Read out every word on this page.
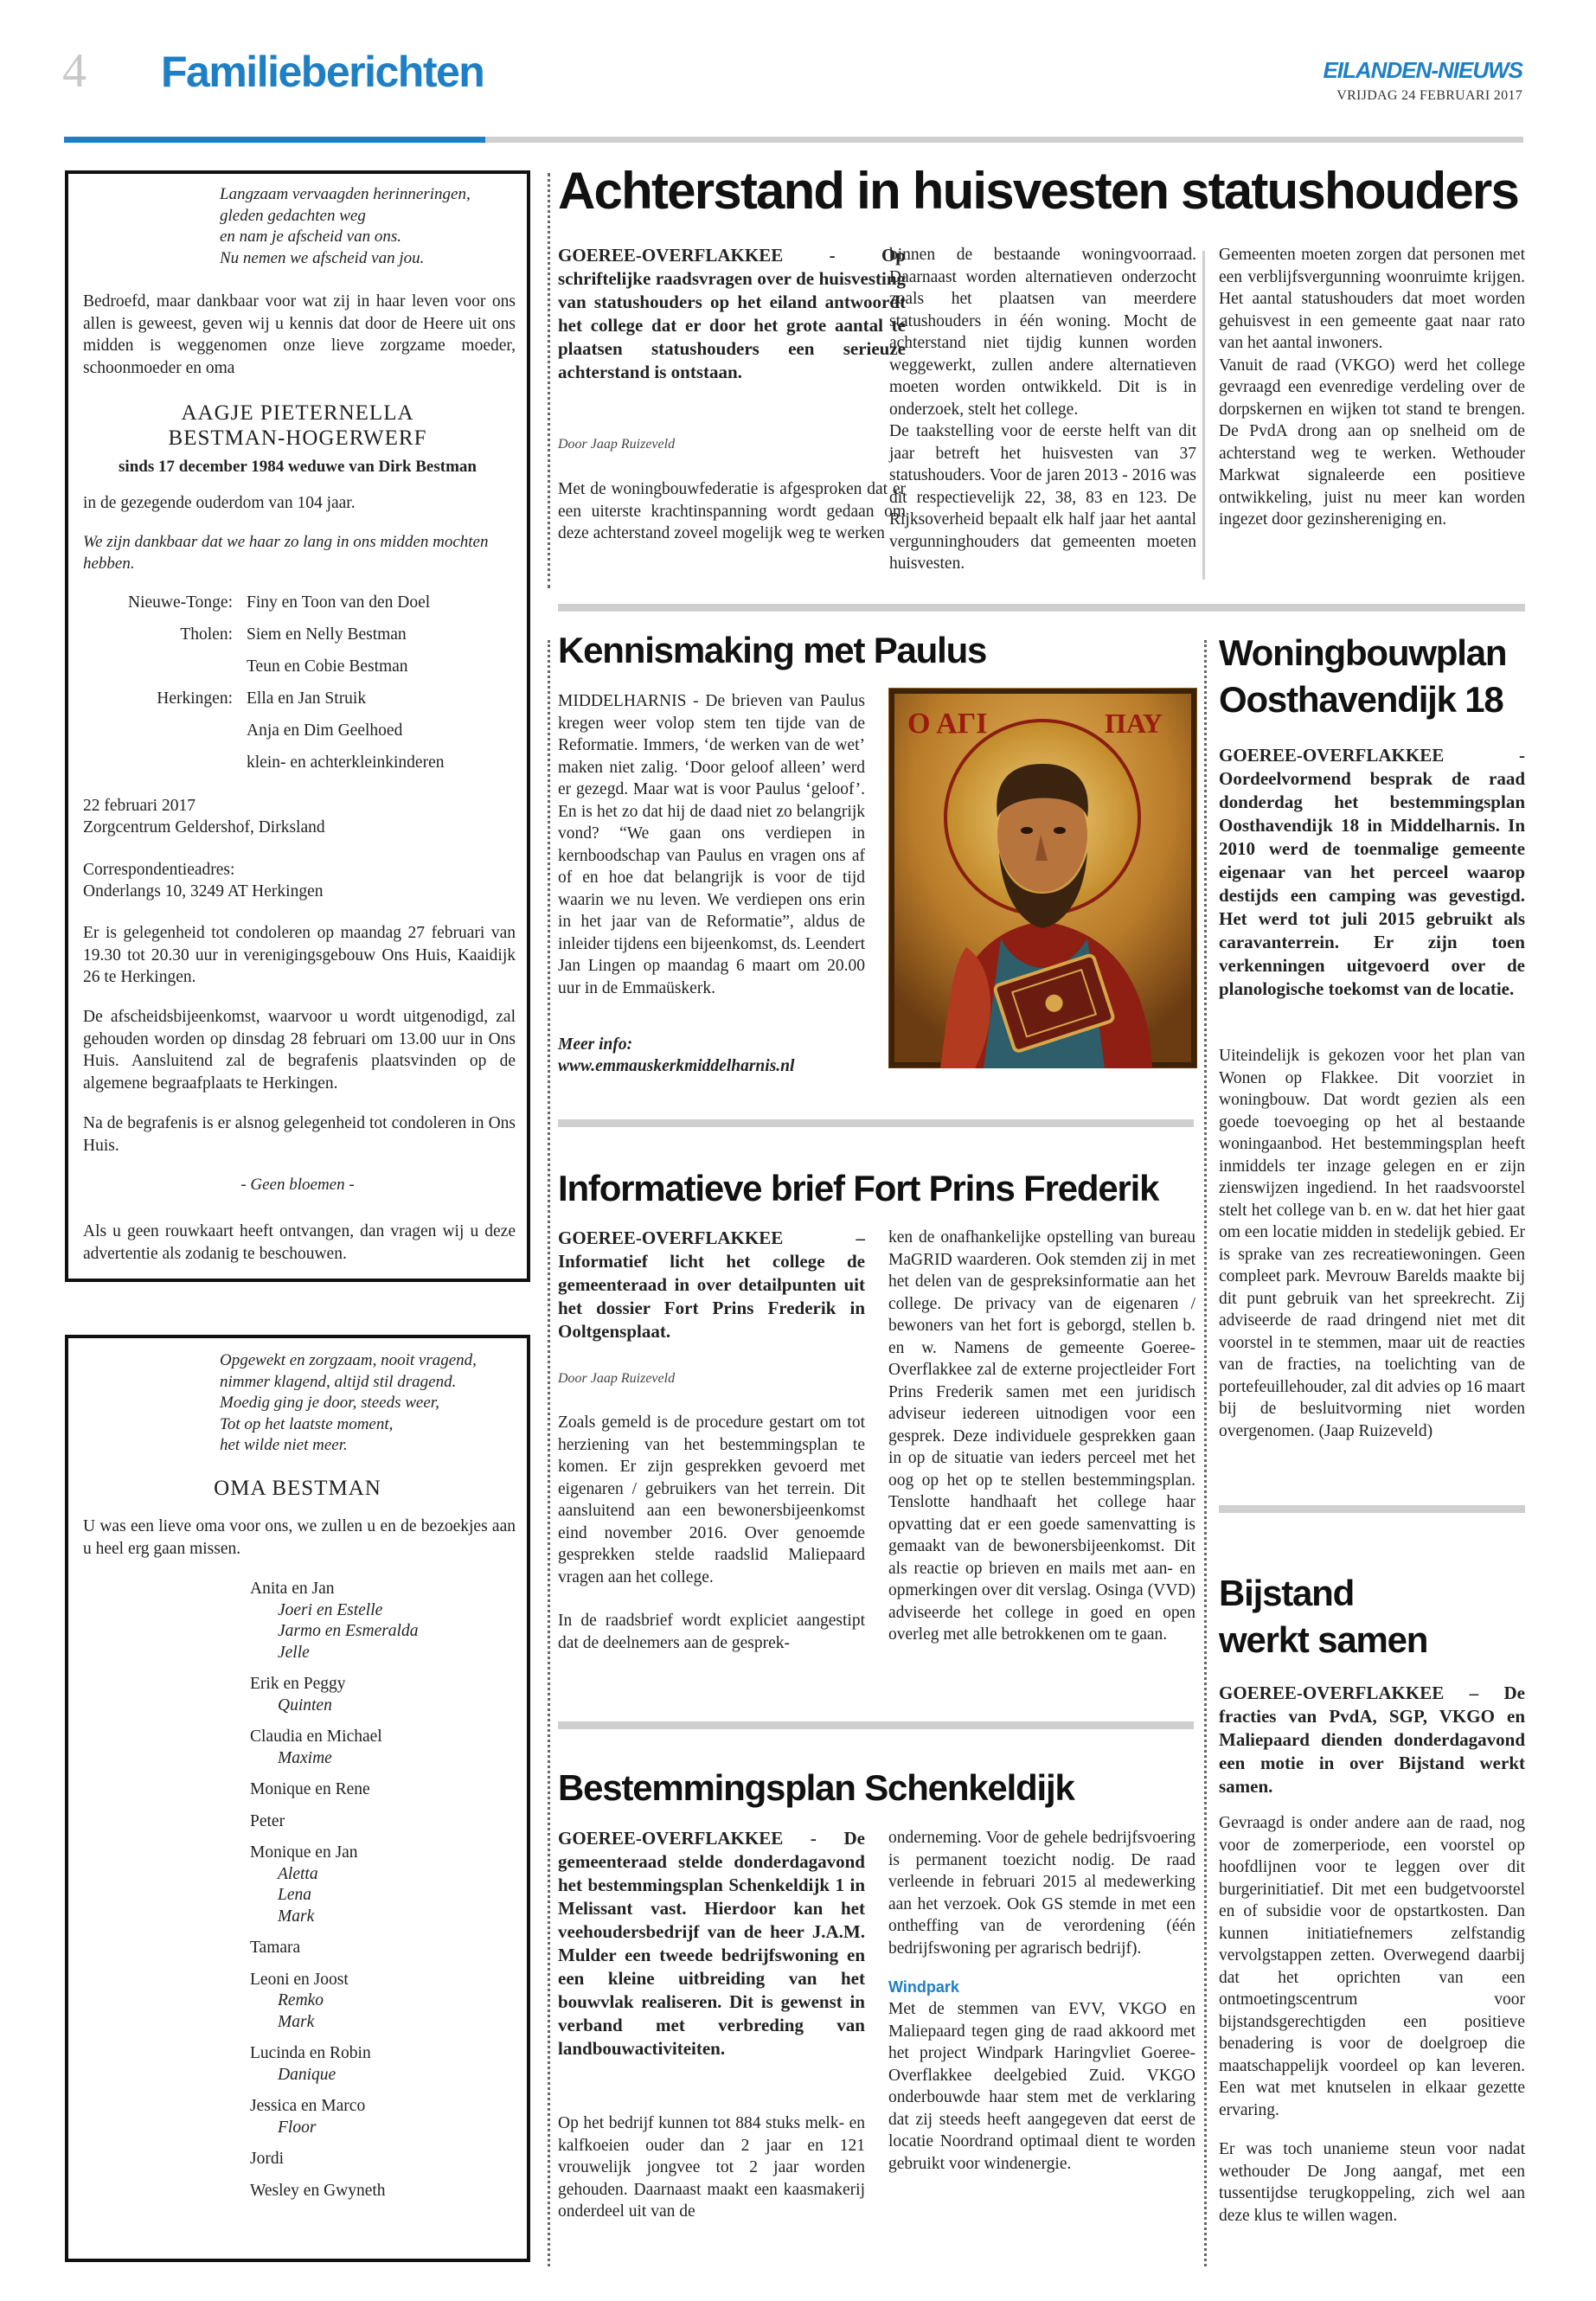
4 Familieberichten	EILANDEN-NIEUWS
VRIJDAG 24 FEBRUARI 2017
Langzaam vervaagden herinneringen,
gleden gedachten weg
en nam je afscheid van ons.
Nu nemen we afscheid van jou.

Bedroefd, maar dankbaar voor wat zij in haar leven voor ons allen is geweest, geven wij u kennis dat door de Heere uit ons midden is weggenomen onze lieve zorgzame moeder, schoonmoeder en oma

AAGJE PIETERNELLA
BESTMAN-HOGERWERF
sinds 17 december 1984 weduwe van Dirk Bestman

in de gezegende ouderdom van 104 jaar.

We zijn dankbaar dat we haar zo lang in ons midden mochten hebben.

Nieuwe-Tonge: Finy en Toon van den Doel
Tholen: Siem en Nelly Bestman
Teun en Cobie Bestman
Herkingen: Ella en Jan Struik
Anja en Dim Geelhoed
klein- en achterkleinkinderen
22 februari 2017
Zorgcentrum Geldershof, Dirksland
Correspondentieadres:
Onderlangs 10, 3249 AT Herkingen

Er is gelegenheid tot condoleren op maandag 27 februari van 19.30 tot 20.30 uur in verenigingsgebouw Ons Huis, Kaaidijk 26 te Herkingen.

De afscheidsbijeenkomst, waarvoor u wordt uitgenodigd, zal gehouden worden op dinsdag 28 februari om 13.00 uur in Ons Huis. Aansluitend zal de begrafenis plaatsvinden op de algemene begraafplaats te Herkingen.

Na de begrafenis is er alsnog gelegenheid tot condoleren in Ons Huis.

- Geen bloemen -

Als u geen rouwkaart heeft ontvangen, dan vragen wij u deze advertentie als zodanig te beschouwen.

Opgewekt en zorgzaam, nooit vragend,
nimmer klagend, altijd stil dragend.
Moedig ging je door, steeds weer,
Tot op het laatste moment,
het wilde niet meer.
OMA BESTMAN

U was een lieve oma voor ons, we zullen u en de bezoekjes aan u heel erg gaan missen.

Anita en Jan
Joeri en Estelle
Jarmo en Esmeralda
Jelle
Erik en Peggy
Quinten
Claudia en Michael
Maxime
Monique en Rene
Peter
Monique en Jan
Aletta
Lena
Mark
Tamara
Leoni en Joost
Remko
Mark
Lucinda en Robin
Danique
Jessica en Marco
Floor
Jordi
Wesley en Gwyneth
Achterstand in huisvesten statushouders

GOEREE-OVERFLAKKEE - Op schriftelijke raadsvragen over de huisvesting van statushouders op het eiland antwoordt het college dat er door het grote aantal te plaatsen statushouders een serieuze achterstand is ontstaan.

Door Jaap Ruizeveld

Met de woningbouwfederatie is afgesproken dat er een uiterste krachtinspanning wordt gedaan om deze achterstand zoveel mogelijk weg te werken

binnen de bestaande woningvoorraad. Daarnaast worden alternatieven onderzocht zoals het plaatsen van meerdere statushouders in één woning. Mocht de achterstand niet tijdig kunnen worden weggewerkt, zullen andere alternatieven moeten worden ontwikkeld. Dit is in onderzoek, stelt het college.

De taakstelling voor de eerste helft van dit jaar betreft het huisvesten van 37 statushouders. Voor de jaren 2013 - 2016 was dit respectievelijk 22, 38, 83 en 123. De Rijksoverheid bepaalt elk half jaar het aantal vergunninghouders dat gemeenten moeten huisvesten.

Gemeenten moeten zorgen dat personen met een verblijfsvergunning woonruimte krijgen. Het aantal statushouders dat moet worden gehuisvest in een gemeente gaat naar rato van het aantal inwoners.

Vanuit de raad (VKGO) werd het college gevraagd een evenredige verdeling over de dorpskernen en wijken tot stand te brengen. De PvdA drong aan op snelheid om de achterstand weg te werken. Wethouder Markwat signaleerde een positieve ontwikkeling, juist nu meer kan worden ingezet door gezinshereniging en.

Kennismaking met Paulus

MIDDELHARNIS - De brieven van Paulus kregen weer volop stem ten tijde van de Reformatie. Immers, ‘de werken van de wet’ maken niet zalig. ‘Door geloof alleen’ werd er gezegd. Maar wat is voor Paulus ‘geloof’. En is het zo dat hij de daad niet zo belangrijk vond? “We gaan ons verdiepen in kernboodschap van Paulus en vragen ons af of en hoe dat belangrijk is voor de tijd waarin we nu leven. We verdiepen ons erin in het jaar van de Reformatie”, aldus de inleider tijdens een bijeenkomst, ds. Leendert Jan Lingen op maandag 6 maart om 20.00 uur in de Emmaüskerk.

Meer info:
www.emmauskerkmiddelharnis.nl
Ο ΑΓΙ	ΠΑΥ
Woningbouwplan
Oosthavendijk 18

GOEREE-OVERFLAKKEE - Oordeelvormend besprak de raad donderdag het bestemmingsplan Oosthavendijk 18 in Middelharnis. In 2010 werd de toenmalige gemeente eigenaar van het perceel waarop destijds een camping was gevestigd. Het werd tot juli 2015 gebruikt als caravanterrein. Er zijn toen verkenningen uitgevoerd over de planologische toekomst van de locatie.

Uiteindelijk is gekozen voor het plan van Wonen op Flakkee. Dit voorziet in woningbouw. Dat wordt gezien als een goede toevoeging op het al bestaande woningaanbod. Het bestemmingsplan heeft inmiddels ter inzage gelegen en er zijn zienswijzen ingediend. In het raadsvoorstel stelt het college van b. en w. dat het hier gaat om een locatie midden in stedelijk gebied. Er is sprake van zes recreatiewoningen. Geen compleet park. Mevrouw Barelds maakte bij dit punt gebruik van het spreekrecht. Zij adviseerde de raad dringend niet met dit voorstel in te stemmen, maar uit de reacties van de fracties, na toelichting van de portefeuillehouder, zal dit advies op 16 maart bij de besluitvorming niet worden overgenomen. (Jaap Ruizeveld)

Informatieve brief Fort Prins Frederik

GOEREE-OVERFLAKKEE – Informatief licht het college de gemeenteraad in over detailpunten uit het dossier Fort Prins Frederik in Ooltgensplaat.

Door Jaap Ruizeveld

Zoals gemeld is de procedure gestart om tot herziening van het bestemmingsplan te komen. Er zijn gesprekken gevoerd met eigenaren / gebruikers van het terrein. Dit aansluitend aan een bewonersbijeenkomst eind november 2016. Over genoemde gesprekken stelde raadslid Maliepaard vragen aan het college.

In de raadsbrief wordt expliciet aangestipt dat de deelnemers aan de gesprek-

ken de onafhankelijke opstelling van bureau MaGRID waarderen. Ook stemden zij in met het delen van de gespreksinformatie aan het college. De privacy van de eigenaren / bewoners van het fort is geborgd, stellen b. en w. Namens de gemeente Goeree-Overflakkee zal de externe projectleider Fort Prins Frederik samen met een juridisch adviseur iedereen uitnodigen voor een gesprek. Deze individuele gesprekken gaan in op de situatie van ieders perceel met het oog op het op te stellen bestemmingsplan. Tenslotte handhaaft het college haar opvatting dat er een goede samenvatting is gemaakt van de bewonersbijeenkomst. Dit als reactie op brieven en mails met aan- en opmerkingen over dit verslag. Osinga (VVD) adviseerde het college in goed en open overleg met alle betrokkenen om te gaan.

Bestemmingsplan Schenkeldijk

GOEREE-OVERFLAKKEE - De gemeenteraad stelde donderdagavond het bestemmingsplan Schenkeldijk 1 in Melissant vast. Hierdoor kan het veehoudersbedrijf van de heer J.A.M. Mulder een tweede bedrijfswoning en een kleine uitbreiding van het bouwvlak realiseren. Dit is gewenst in verband met verbreding van landbouwactiviteiten.

Op het bedrijf kunnen tot 884 stuks melk- en kalfkoeien ouder dan 2 jaar en 121 vrouwelijk jongvee tot 2 jaar worden gehouden. Daarnaast maakt een kaasmakerij onderdeel uit van de

onderneming. Voor de gehele bedrijfsvoering is permanent toezicht nodig. De raad verleende in februari 2015 al medewerking aan het verzoek. Ook GS stemde in met een ontheffing van de verordening (één bedrijfswoning per agrarisch bedrijf).

Windpark

Met de stemmen van EVV, VKGO en Maliepaard tegen ging de raad akkoord met het project Windpark Haringvliet Goeree-Overflakkee deelgebied Zuid. VKGO onderbouwde haar stem met de verklaring dat zij steeds heeft aangegeven dat eerst de locatie Noordrand optimaal dient te worden gebruikt voor windenergie.

Bijstand
werkt samen

GOEREE-OVERFLAKKEE – De fracties van PvdA, SGP, VKGO en Maliepaard dienden donderdagavond een motie in over Bijstand werkt samen.

Gevraagd is onder andere aan de raad, nog voor de zomerperiode, een voorstel op hoofdlijnen voor te leggen over dit burgerinitiatief. Dit met een budgetvoorstel en of subsidie voor de opstartkosten. Dan kunnen initiatiefnemers zelfstandig vervolgstappen zetten. Overwegend daarbij dat het oprichten van een ontmoetingscentrum voor bijstandsgerechtigden een positieve benadering is voor de doelgroep die maatschappelijk voordeel op kan leveren. Een wat met knutselen in elkaar gezette ervaring.

Er was toch unanieme steun voor nadat wethouder De Jong aangaf, met een tussentijdse terugkoppeling, zich wel aan deze klus te willen wagen.
